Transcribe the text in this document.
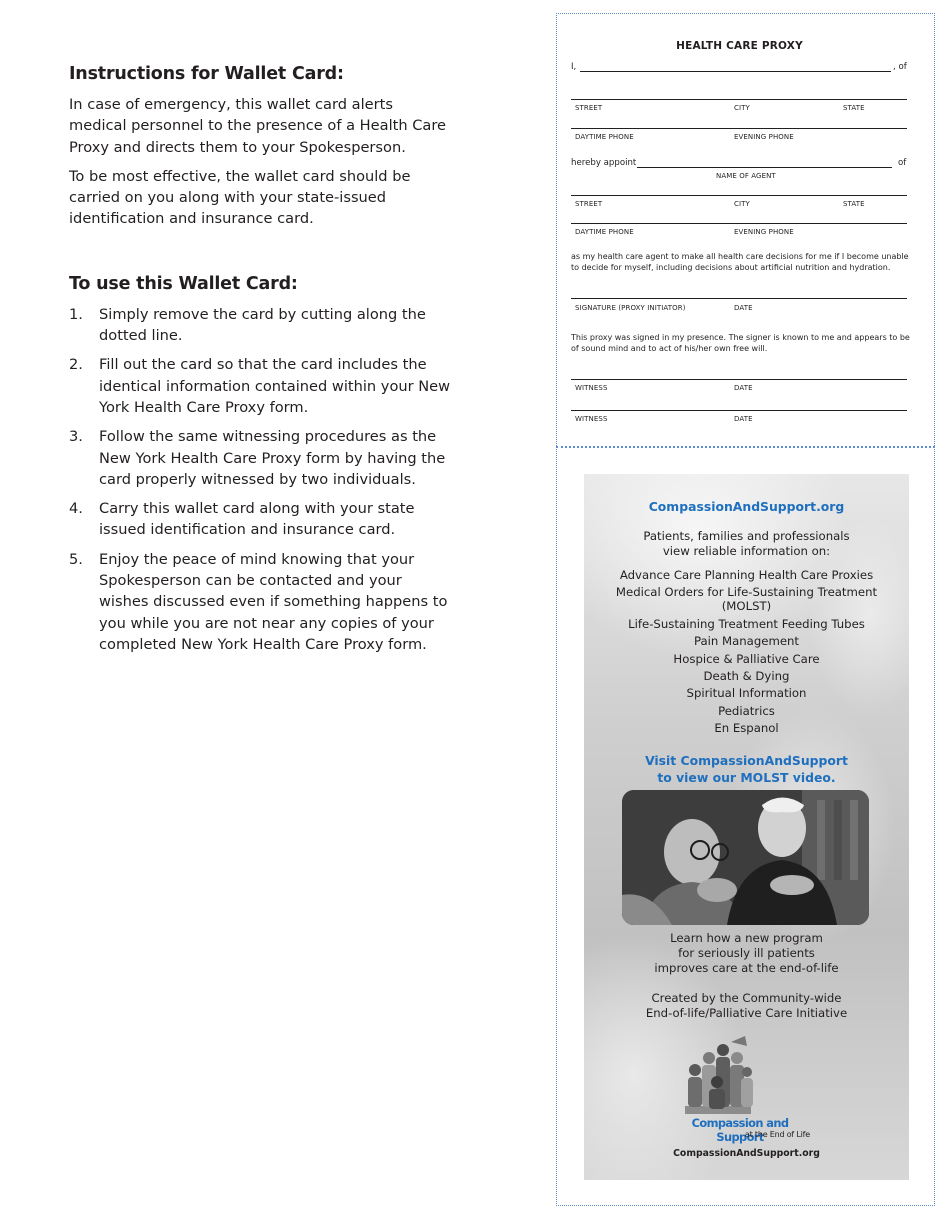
Instructions for Wallet Card:

In case of emergency, this wallet card alerts medical personnel to the presence of a Health Care Proxy and directs them to your Spokesperson.

To be most effective, the wallet card should be carried on you along with your state-issued identification and insurance card.

To use this Wallet Card:
1. Simply remove the card by cutting along the dotted line.
2. Fill out the card so that the card includes the identical information contained within your New York Health Care Proxy form.
3. Follow the same witnessing procedures as the New York Health Care Proxy form by having the card properly witnessed by two individuals.
4. Carry this wallet card along with your state issued identification and insurance card.
5. Enjoy the peace of mind knowing that your Spokesperson can be contacted and your wishes discussed even if something happens to you while you are not near any copies of your completed New York Health Care Proxy form.
HEALTH CARE PROXY
I,	, of
STREET	CITY	STATE
DAYTIME PHONE	EVENING PHONE
hereby appoint	of
NAME OF AGENT
STREET	CITY	STATE
DAYTIME PHONE	EVENING PHONE
as my health care agent to make all health care decisions for me if I become unable to decide for myself, including decisions about artificial nutrition and hydration.
SIGNATURE (PROXY INITIATOR)	DATE
This proxy was signed in my presence. The signer is known to me and appears to be of sound mind and to act of his/her own free will.
WITNESS	DATE
WITNESS	DATE
CompassionAndSupport.org
Patients, families and professionals
view reliable information on:
Advance Care Planning Health Care Proxies
Medical Orders for Life-Sustaining Treatment (MOLST)
Life-Sustaining Treatment Feeding Tubes
Pain Management
Hospice & Palliative Care
Death & Dying
Spiritual Information
Pediatrics
En Espanol
Visit CompassionAndSupport
to view our MOLST video.
Learn how a new program
for seriously ill patients
improves care at the end-of-life
Created by the Community-wide
End-of-life/Palliative Care Initiative
Compassion and Support
at the End of Life
CompassionAndSupport.org
